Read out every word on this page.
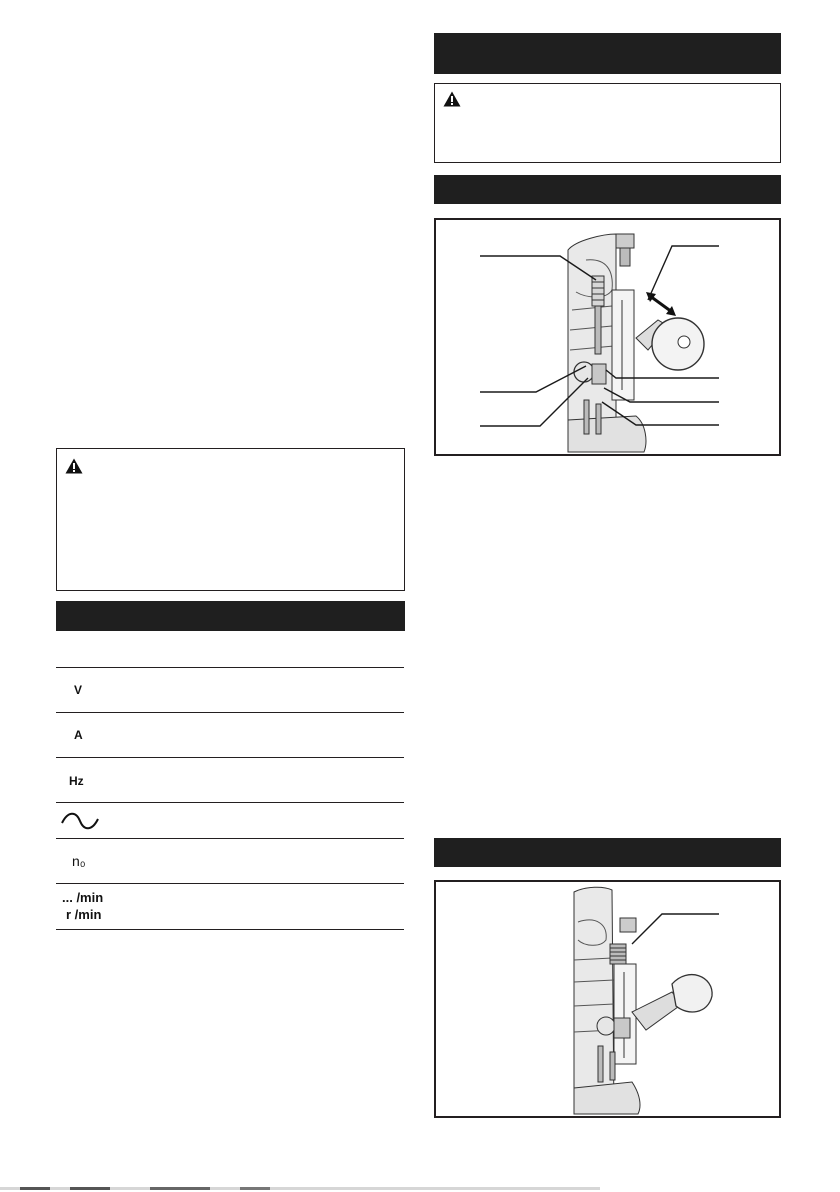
V
A
Hz
n₀
... /min
r /min
